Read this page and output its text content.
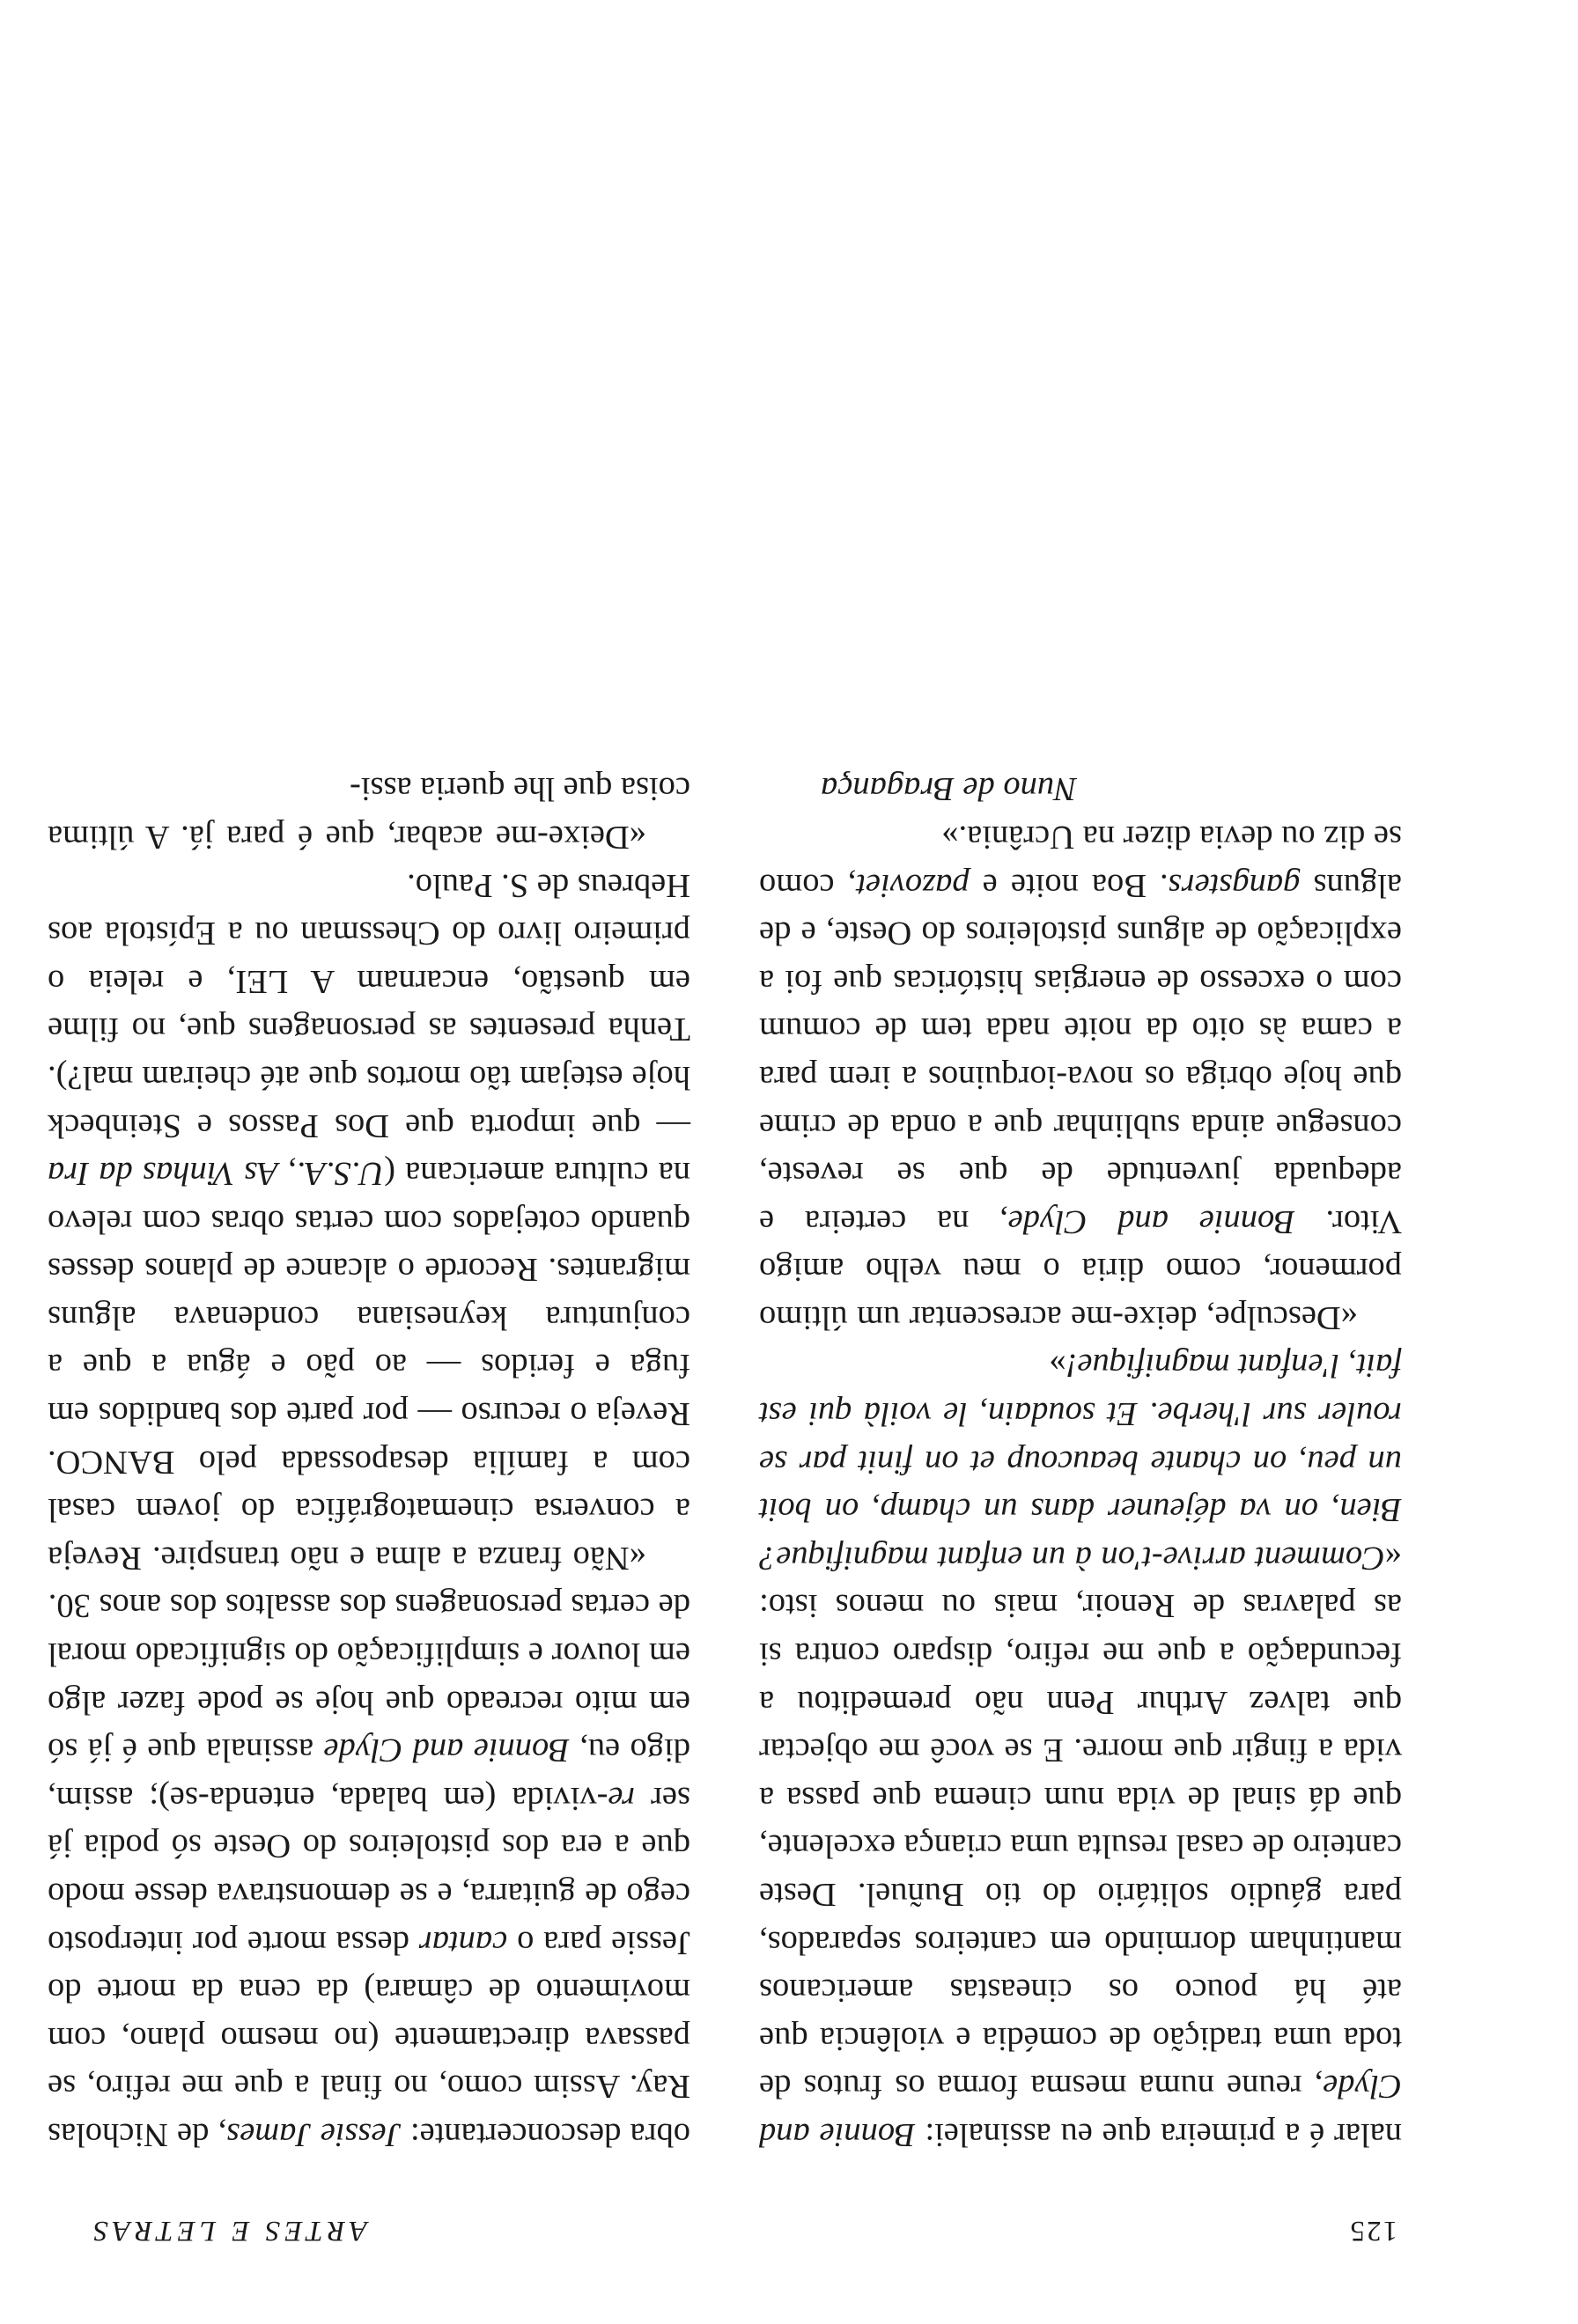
ARTES E LETRAS	125

nalar é a primeira que eu assinalei: Bonnie and Clyde, reune numa mesma forma os frutos de toda uma tradição de comédia e violência que até há pouco os cineastas americanos mantinham dormindo em canteiros separados, para gáudio solitário do tio Buñuel. Deste canteiro de casal resulta uma criança excelente, que dá sinal de vida num cinema que passa a vida a fingir que morre. E se você me objectar que talvez Arthur Penn não premeditou a fecundação a que me refiro, disparo contra si as palavras de Renoir, mais ou menos isto: «Comment arrive-t'on à un enfant magnifique? Bien, on va déjeuner dans un champ, on boit un peu, on chante beaucoup et on finit par se rouler sur l'herbe. Et soudain, le voilà qui est fait, l'enfant magnifique!»

«Desculpe, deixe-me acrescentar um último pormenor, como diria o meu velho amigo Vitor. Bonnie and Clyde, na certeira e adequada juventude de que se revestе, consegue ainda sublinhar que a onda de crime que hoje obriga os nova-iorquinos a irem para a cama às oito da noite nada tem de comum com o excesso de energias históricas que foi a explicação de alguns pistoleiros do Oeste, e de alguns gangsters. Boa noite e pazoviet, como se diz ou devia dizer na Ucrânia.»

Nuno de Bragança

obra desconcertante: Jessie James, de Nicholas Ray. Assim como, no final a que me refiro, se passava directamente (no mesmo plano, com movimento de câmara) da cena da morte do Jessie para o cantar dessa morte por interposto cego de guitarra, e se demonstrava desse modo que a era dos pistoleiros do Oeste só podia já ser re-vivida (em balada, entenda-se); assim, digo eu, Bonnie and Clyde assinala que é já só em mito recreado que hoje se pode fazer algo em louvor e simplificação do significado moral de certas personagens dos assaltos dos anos 30.

«Não franza a alma e não transpire. Reveja a conversa cinematográfica do jovem casal com a família desapossada pelo BANCO. Reveja o recurso — por parte dos bandidos em fuga e feridos — ao pão e água a que a conjuntura keynesiana condenava alguns migrantes. Recorde o alcance de planos desses quando cotejados com certas obras com relevo na cultura americana (U.S.A., As Vinhas da Ira — que importa que Dos Passos e Steinbeck hoje estejam tão mortos que até cheiram mal?). Tenha presentes as personagens que, no filme em questão, encarnam A LEI, e releia o primeiro livro do Chessman ou a Epístola aos Hebreus de S. Paulo.

«Deixe-me acabar, que é para já. A última coisa que lhe queria assi-
